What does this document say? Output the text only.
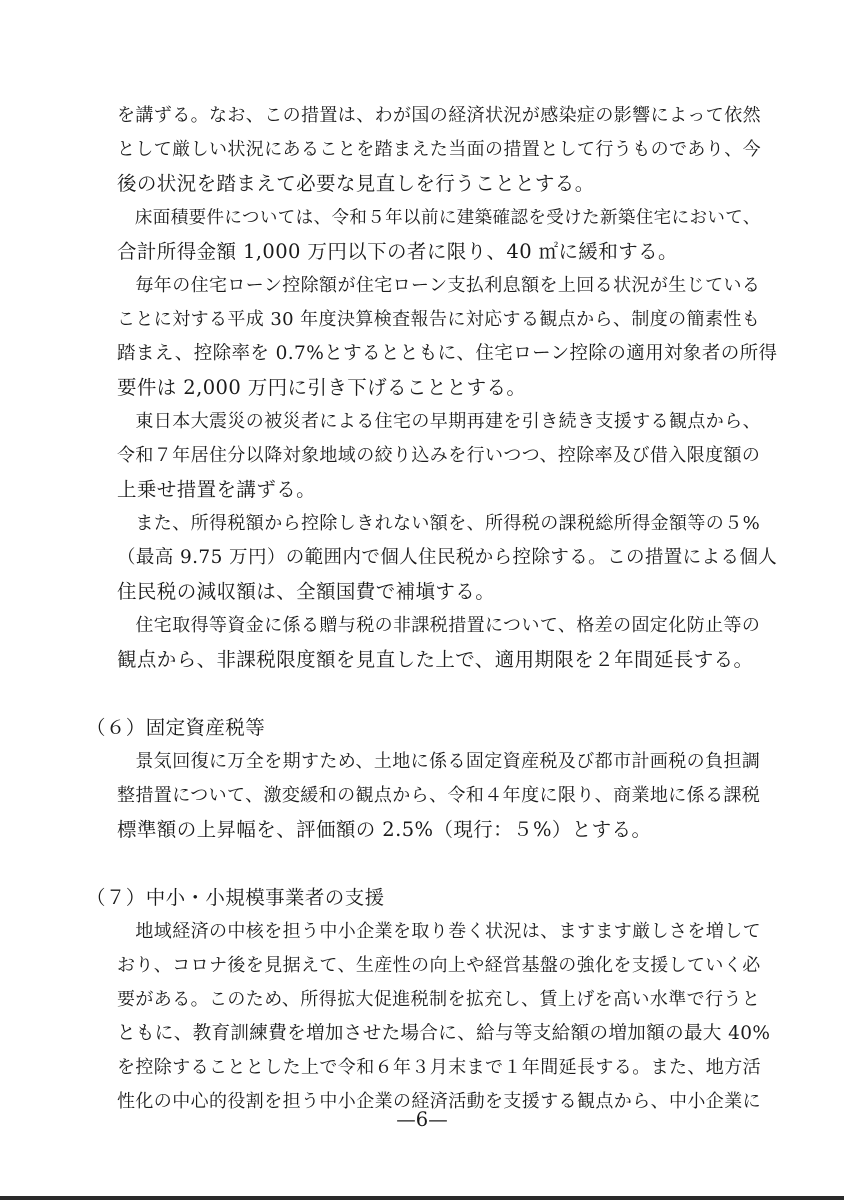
を講ずる。なお、この措置は、わが国の経済状況が感染症の影響によって依然
として厳しい状況にあることを踏まえた当面の措置として行うものであり、今
後の状況を踏まえて必要な見直しを行うこととする。
　床面積要件については、令和５年以前に建築確認を受けた新築住宅において、
合計所得金額 1,000 万円以下の者に限り、40 ㎡に緩和する。
　毎年の住宅ローン控除額が住宅ローン支払利息額を上回る状況が生じている
ことに対する平成 30 年度決算検査報告に対応する観点から、制度の簡素性も
踏まえ、控除率を 0.7%とするとともに、住宅ローン控除の適用対象者の所得
要件は 2,000 万円に引き下げることとする。
　東日本大震災の被災者による住宅の早期再建を引き続き支援する観点から、
令和７年居住分以降対象地域の絞り込みを行いつつ、控除率及び借入限度額の
上乗せ措置を講ずる。
　また、所得税額から控除しきれない額を、所得税の課税総所得金額等の５%
（最高 9.75 万円）の範囲内で個人住民税から控除する。この措置による個人
住民税の減収額は、全額国費で補塡する。
　住宅取得等資金に係る贈与税の非課税措置について、格差の固定化防止等の
観点から、非課税限度額を見直した上で、適用期限を２年間延長する。
（６）固定資産税等
　景気回復に万全を期すため、土地に係る固定資産税及び都市計画税の負担調
整措置について、激変緩和の観点から、令和４年度に限り、商業地に係る課税
標準額の上昇幅を、評価額の 2.5%（現行：５%）とする。
（７）中小・小規模事業者の支援
　地域経済の中核を担う中小企業を取り巻く状況は、ますます厳しさを増して
おり、コロナ後を見据えて、生産性の向上や経営基盤の強化を支援していく必
要がある。このため、所得拡大促進税制を拡充し、賃上げを高い水準で行うと
ともに、教育訓練費を増加させた場合に、給与等支給額の増加額の最大 40%
を控除することとした上で令和６年３月末まで１年間延長する。また、地方活
性化の中心的役割を担う中小企業の経済活動を支援する観点から、中小企業に
—6—
